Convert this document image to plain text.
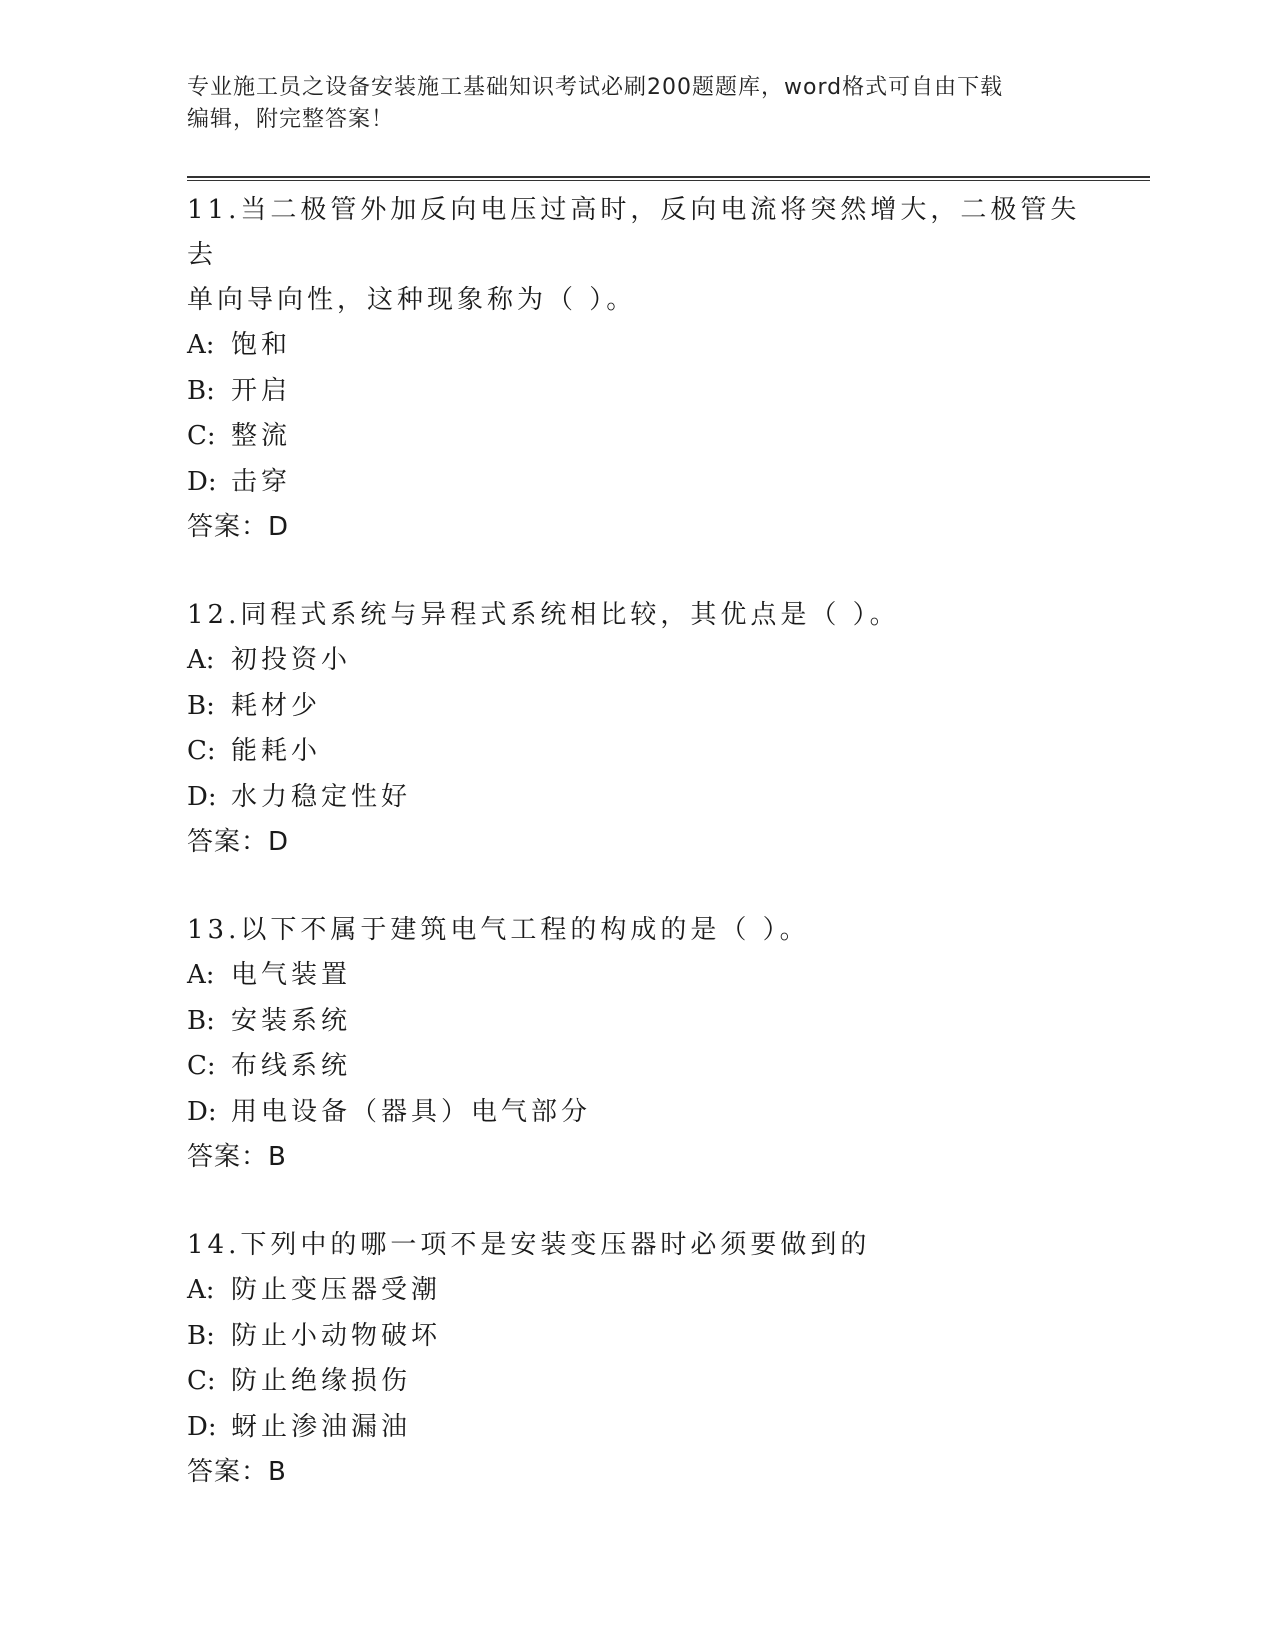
专业施工员之设备安装施工基础知识考试必刷200题题库，word格式可自由下载
编辑，附完整答案！

11.当二极管外加反向电压过高时，反向电流将突然增大，二极管失去
单向导向性，这种现象称为（ ）。

A: 饱和

B: 开启

C: 整流

D: 击穿

答案：D

12.同程式系统与异程式系统相比较，其优点是（ ）。

A: 初投资小

B: 耗材少

C: 能耗小

D: 水力稳定性好

答案：D

13.以下不属于建筑电气工程的构成的是（ ）。

A: 电气装置

B: 安装系统

C: 布线系统

D: 用电设备（器具）电气部分

答案：B

14.下列中的哪一项不是安装变压器时必须要做到的

A: 防止变压器受潮

B: 防止小动物破坏

C: 防止绝缘损伤

D: 蚜止渗油漏油

答案：B
